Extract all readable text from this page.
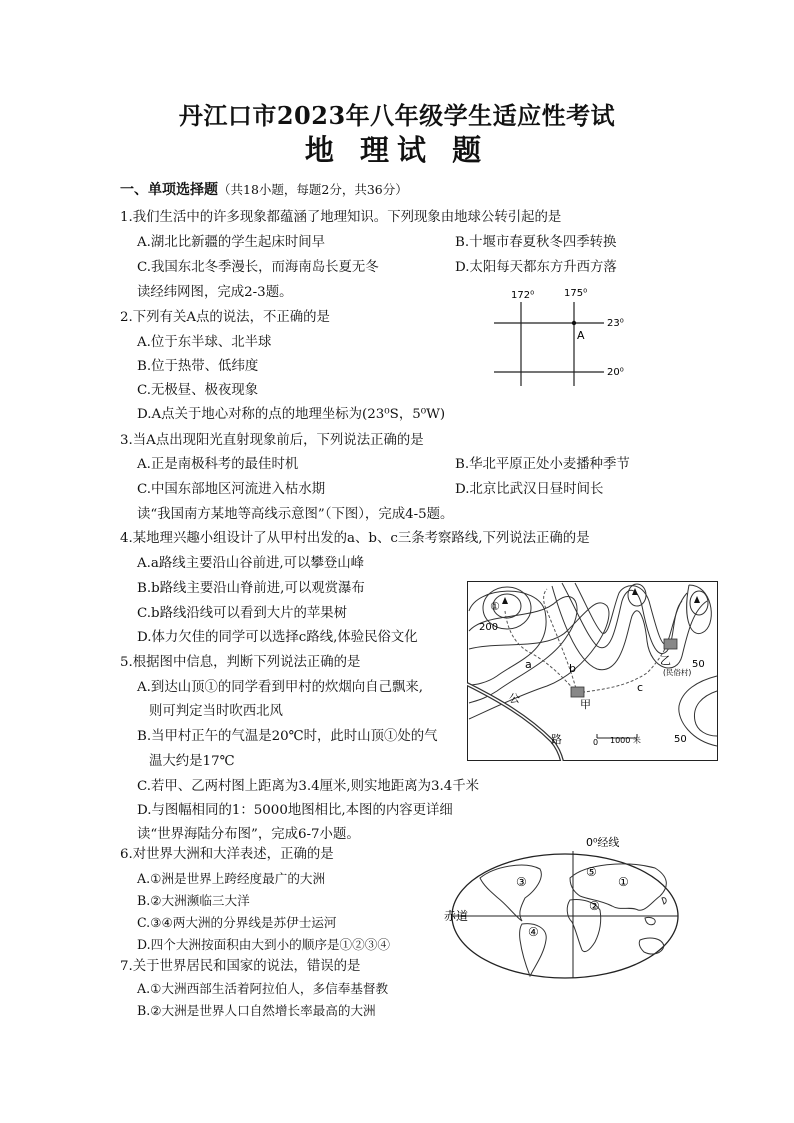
丹江口市2023年八年级学生适应性考试
地 理试 题
一、单项选择题（共18小题，每题2分，共36分）
1.我们生活中的许多现象都蕴涵了地理知识。下列现象由地球公转引起的是
A.湖北比新疆的学生起床时间早	B.十堰市春夏秋冬四季转换
C.我国东北冬季漫长，而海南岛长夏无冬	D.太阳每天都东方升西方落
读经纬网图，完成2-3题。	172⁰	175⁰
23⁰
20⁰
A
2.下列有关A点的说法，不正确的是
A.位于东半球、北半球
B.位于热带、低纬度
C.无极昼、极夜现象
D.A点关于地心对称的点的地理坐标为(23⁰S，5⁰W)
3.当A点出现阳光直射现象前后，下列说法正确的是
A.正是南极科考的最佳时机	B.华北平原正处小麦播种季节
C.中国东部地区河流进入枯水期	D.北京比武汉日昼时间长
读“我国南方某地等高线示意图”（下图），完成4-5题。
4.某地理兴趣小组设计了从甲村出发的a、b、c三条考察路线,下列说法正确的是
A.a路线主要沿山谷前进,可以攀登山峰
B.b路线主要沿山脊前进,可以观赏瀑布
C.b路线沿线可以看到大片的苹果树
D.体力欠佳的同学可以选择c路线,体验民俗文化
5.根据图中信息，判断下列说法正确的是
A.到达山顶①的同学看到甲村的炊烟向自己飘来,
则可判定当时吹西北风
B.当甲村正午的气温是20℃时，此时山顶①处的气
温大约是17℃
C.若甲、乙两村图上距离为3.4厘米,则实地距离为3.4千米
D.与图幅相同的1：5000地图相比,本图的内容更详细
读“世界海陆分布图”，完成6-7小题。
①
200
50
50
a	b
c
甲
乙
(民俗村)
公
路	0 1000 米
0⁰经线
赤道
①
②
③
④
⑤
6.对世界大洲和大洋表述，正确的是
A.①洲是世界上跨经度最广的大洲
B.②大洲濒临三大洋
C.③④两大洲的分界线是苏伊士运河
D.四个大洲按面积由大到小的顺序是①②③④
7.关于世界居民和国家的说法，错误的是
A.①大洲西部生活着阿拉伯人，多信奉基督教
B.②大洲是世界人口自然增长率最高的大洲
